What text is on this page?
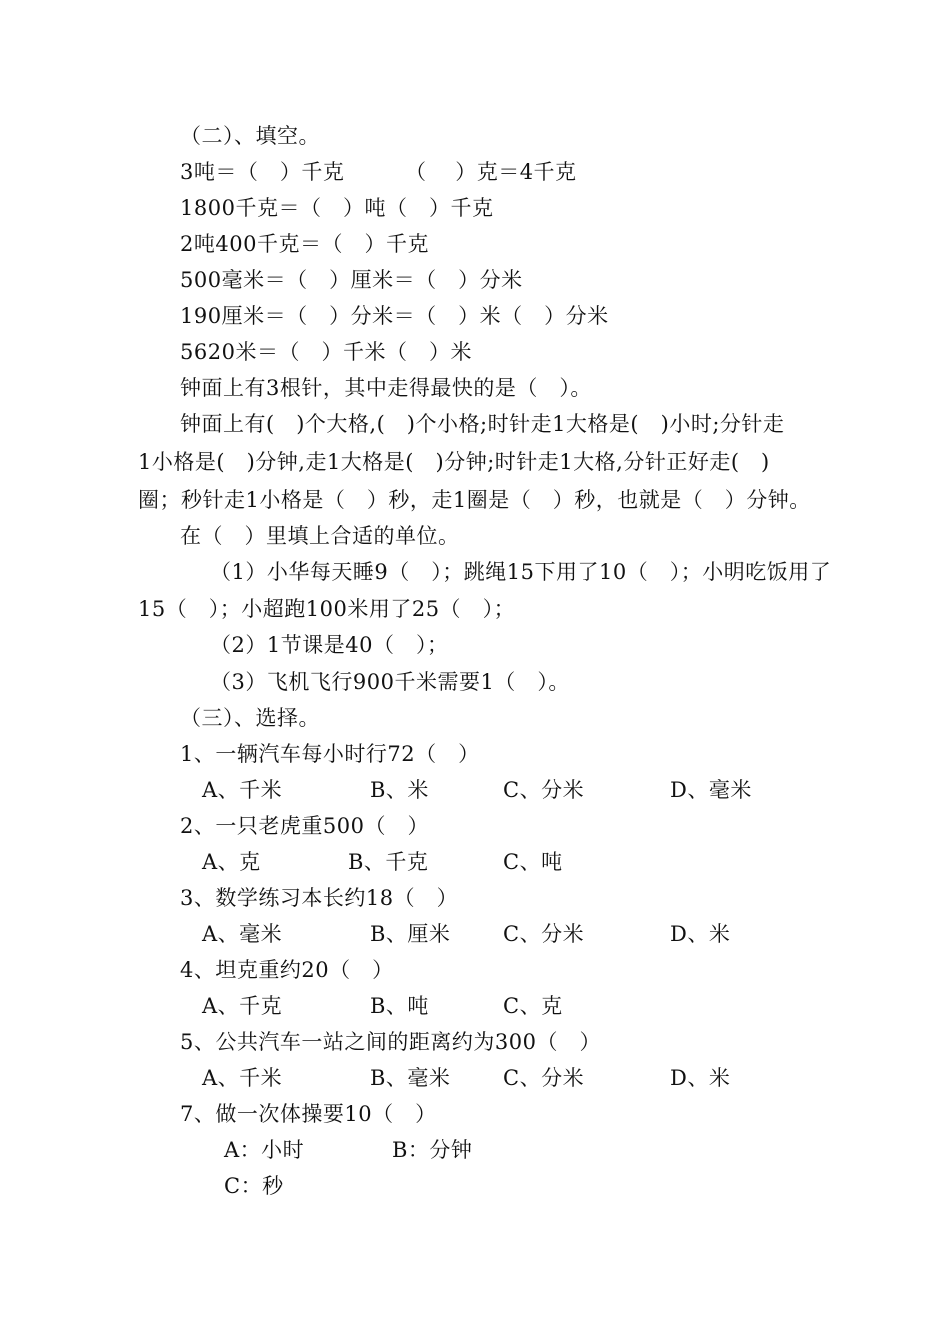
（二）、填空。
3吨＝（   ）千克	（    ）克＝4千克
1800千克＝（   ）吨（   ）千克
2吨400千克＝（   ）千克
500毫米＝（   ）厘米＝（   ）分米
190厘米＝（   ）分米＝（   ）米（   ）分米
5620米＝（   ）千米（   ）米
钟面上有3根针，其中走得最快的是（   ）。
钟面上有(   )个大格,(   )个小格;时针走1大格是(   )小时;分针走
1小格是(   )分钟,走1大格是(   )分钟;时针走1大格,分针正好走(   )
圈；秒针走1小格是（   ）秒，走1圈是（   ）秒，也就是（   ）分钟。
在（   ）里填上合适的单位。
（1）小华每天睡9（   ）；跳绳15下用了10（   ）；小明吃饭用了
15（   ）；小超跑100米用了25（   ）；
（2）1节课是40（   ）；
（3）飞机飞行900千米需要1（   ）。
（三）、选择。
1、一辆汽车每小时行72（   ）
A、千米	B、米	C、分米	D、毫米
2、一只老虎重500（   ）
A、克	B、千克	C、吨
3、数学练习本长约18（   ）
A、毫米	B、厘米	C、分米	D、米
4、坦克重约20（   ）
A、千克	B、吨	C、克
5、公共汽车一站之间的距离约为300（   ）
A、千米	B、毫米	C、分米	D、米
7、做一次体操要10（   ）
A：小时	B：分钟
C：秒
